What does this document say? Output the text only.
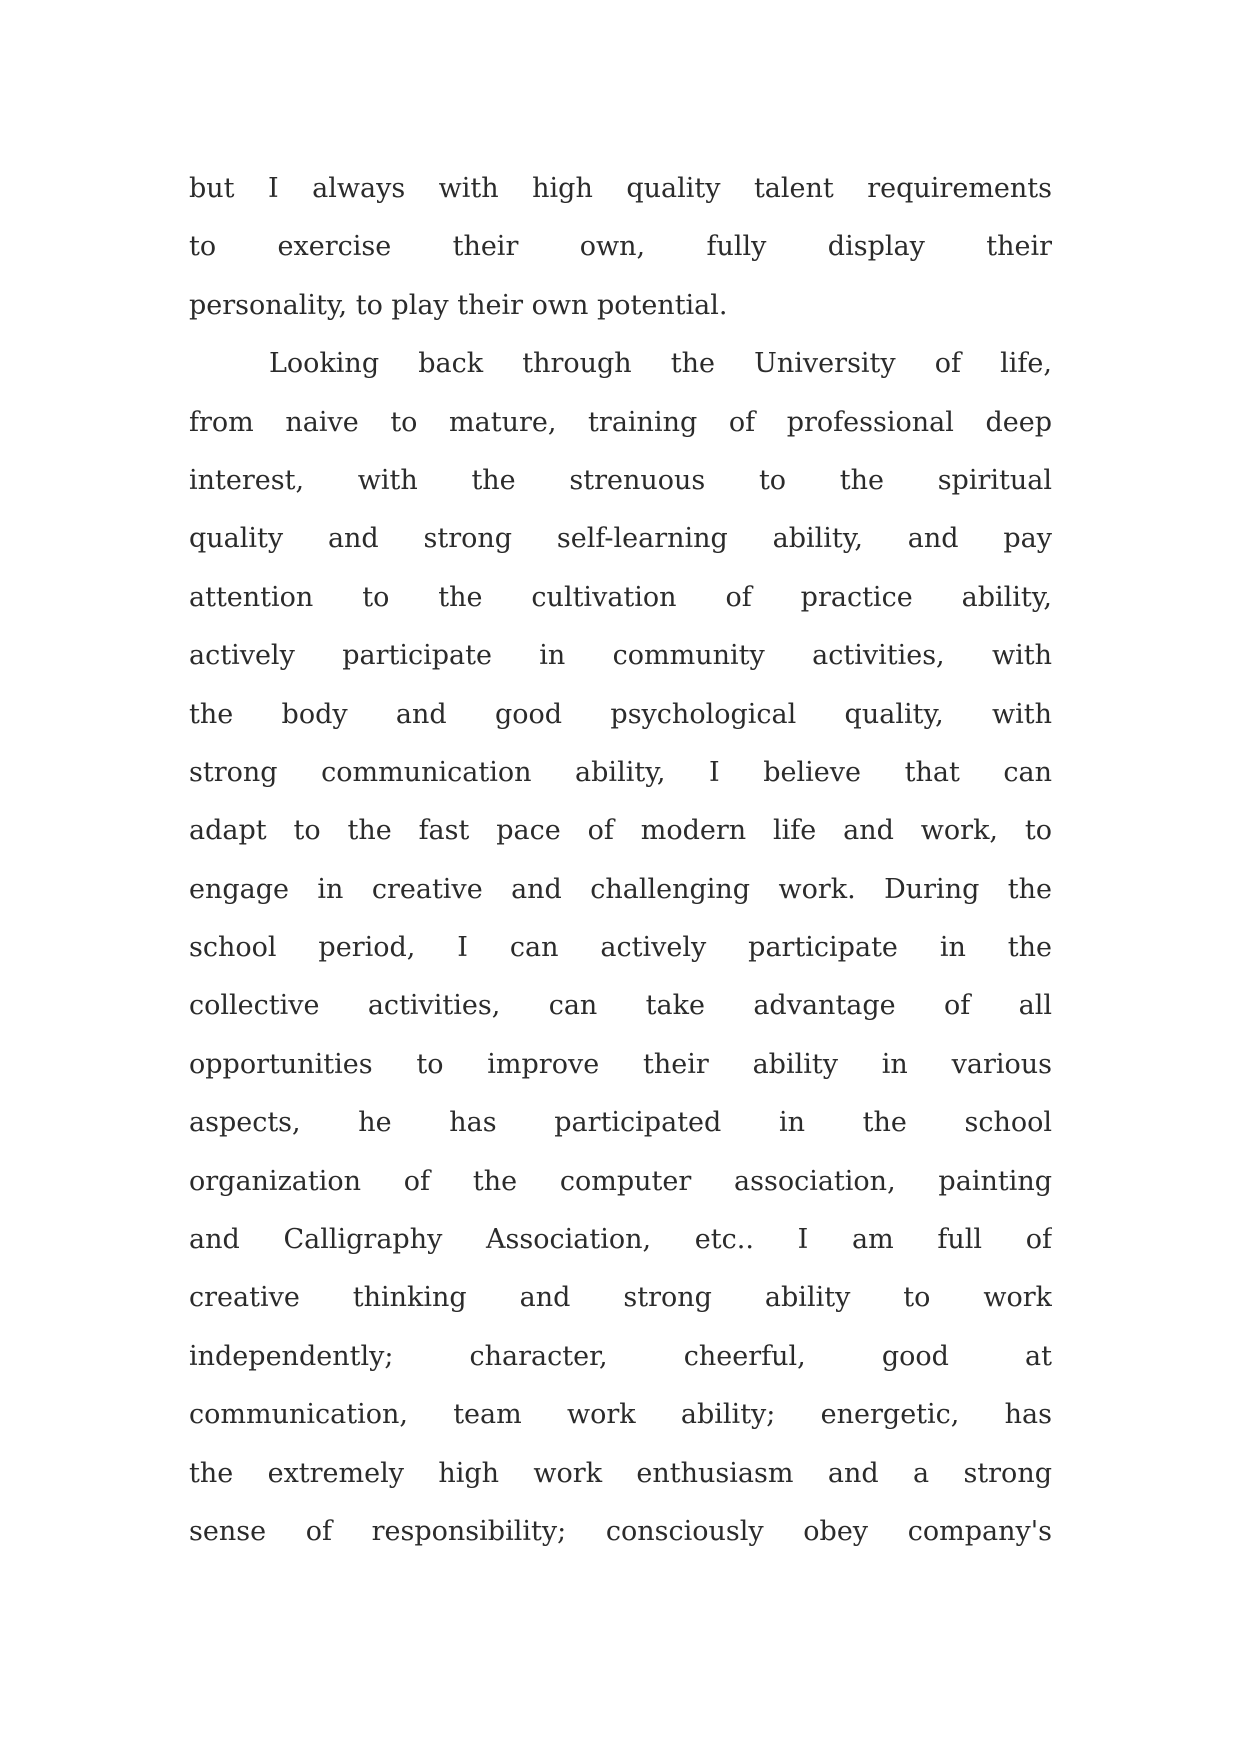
but I always with high quality talent requirements
to exercise their own, fully display their
personality, to play their own potential.
Looking back through the University of life,
from naive to mature, training of professional deep
interest, with the strenuous to the spiritual
quality and strong self-learning ability, and pay
attention to the cultivation of practice ability,
actively participate in community activities, with
the body and good psychological quality, with
strong communication ability, I believe that can
adapt to the fast pace of modern life and work, to
engage in creative and challenging work. During the
school period, I can actively participate in the
collective activities, can take advantage of all
opportunities to improve their ability in various
aspects, he has participated in the school
organization of the computer association, painting
and Calligraphy Association, etc.. I am full of
creative thinking and strong ability to work
independently; character, cheerful, good at
communication, team work ability; energetic, has
the extremely high work enthusiasm and a strong
sense of responsibility; consciously obey company's
